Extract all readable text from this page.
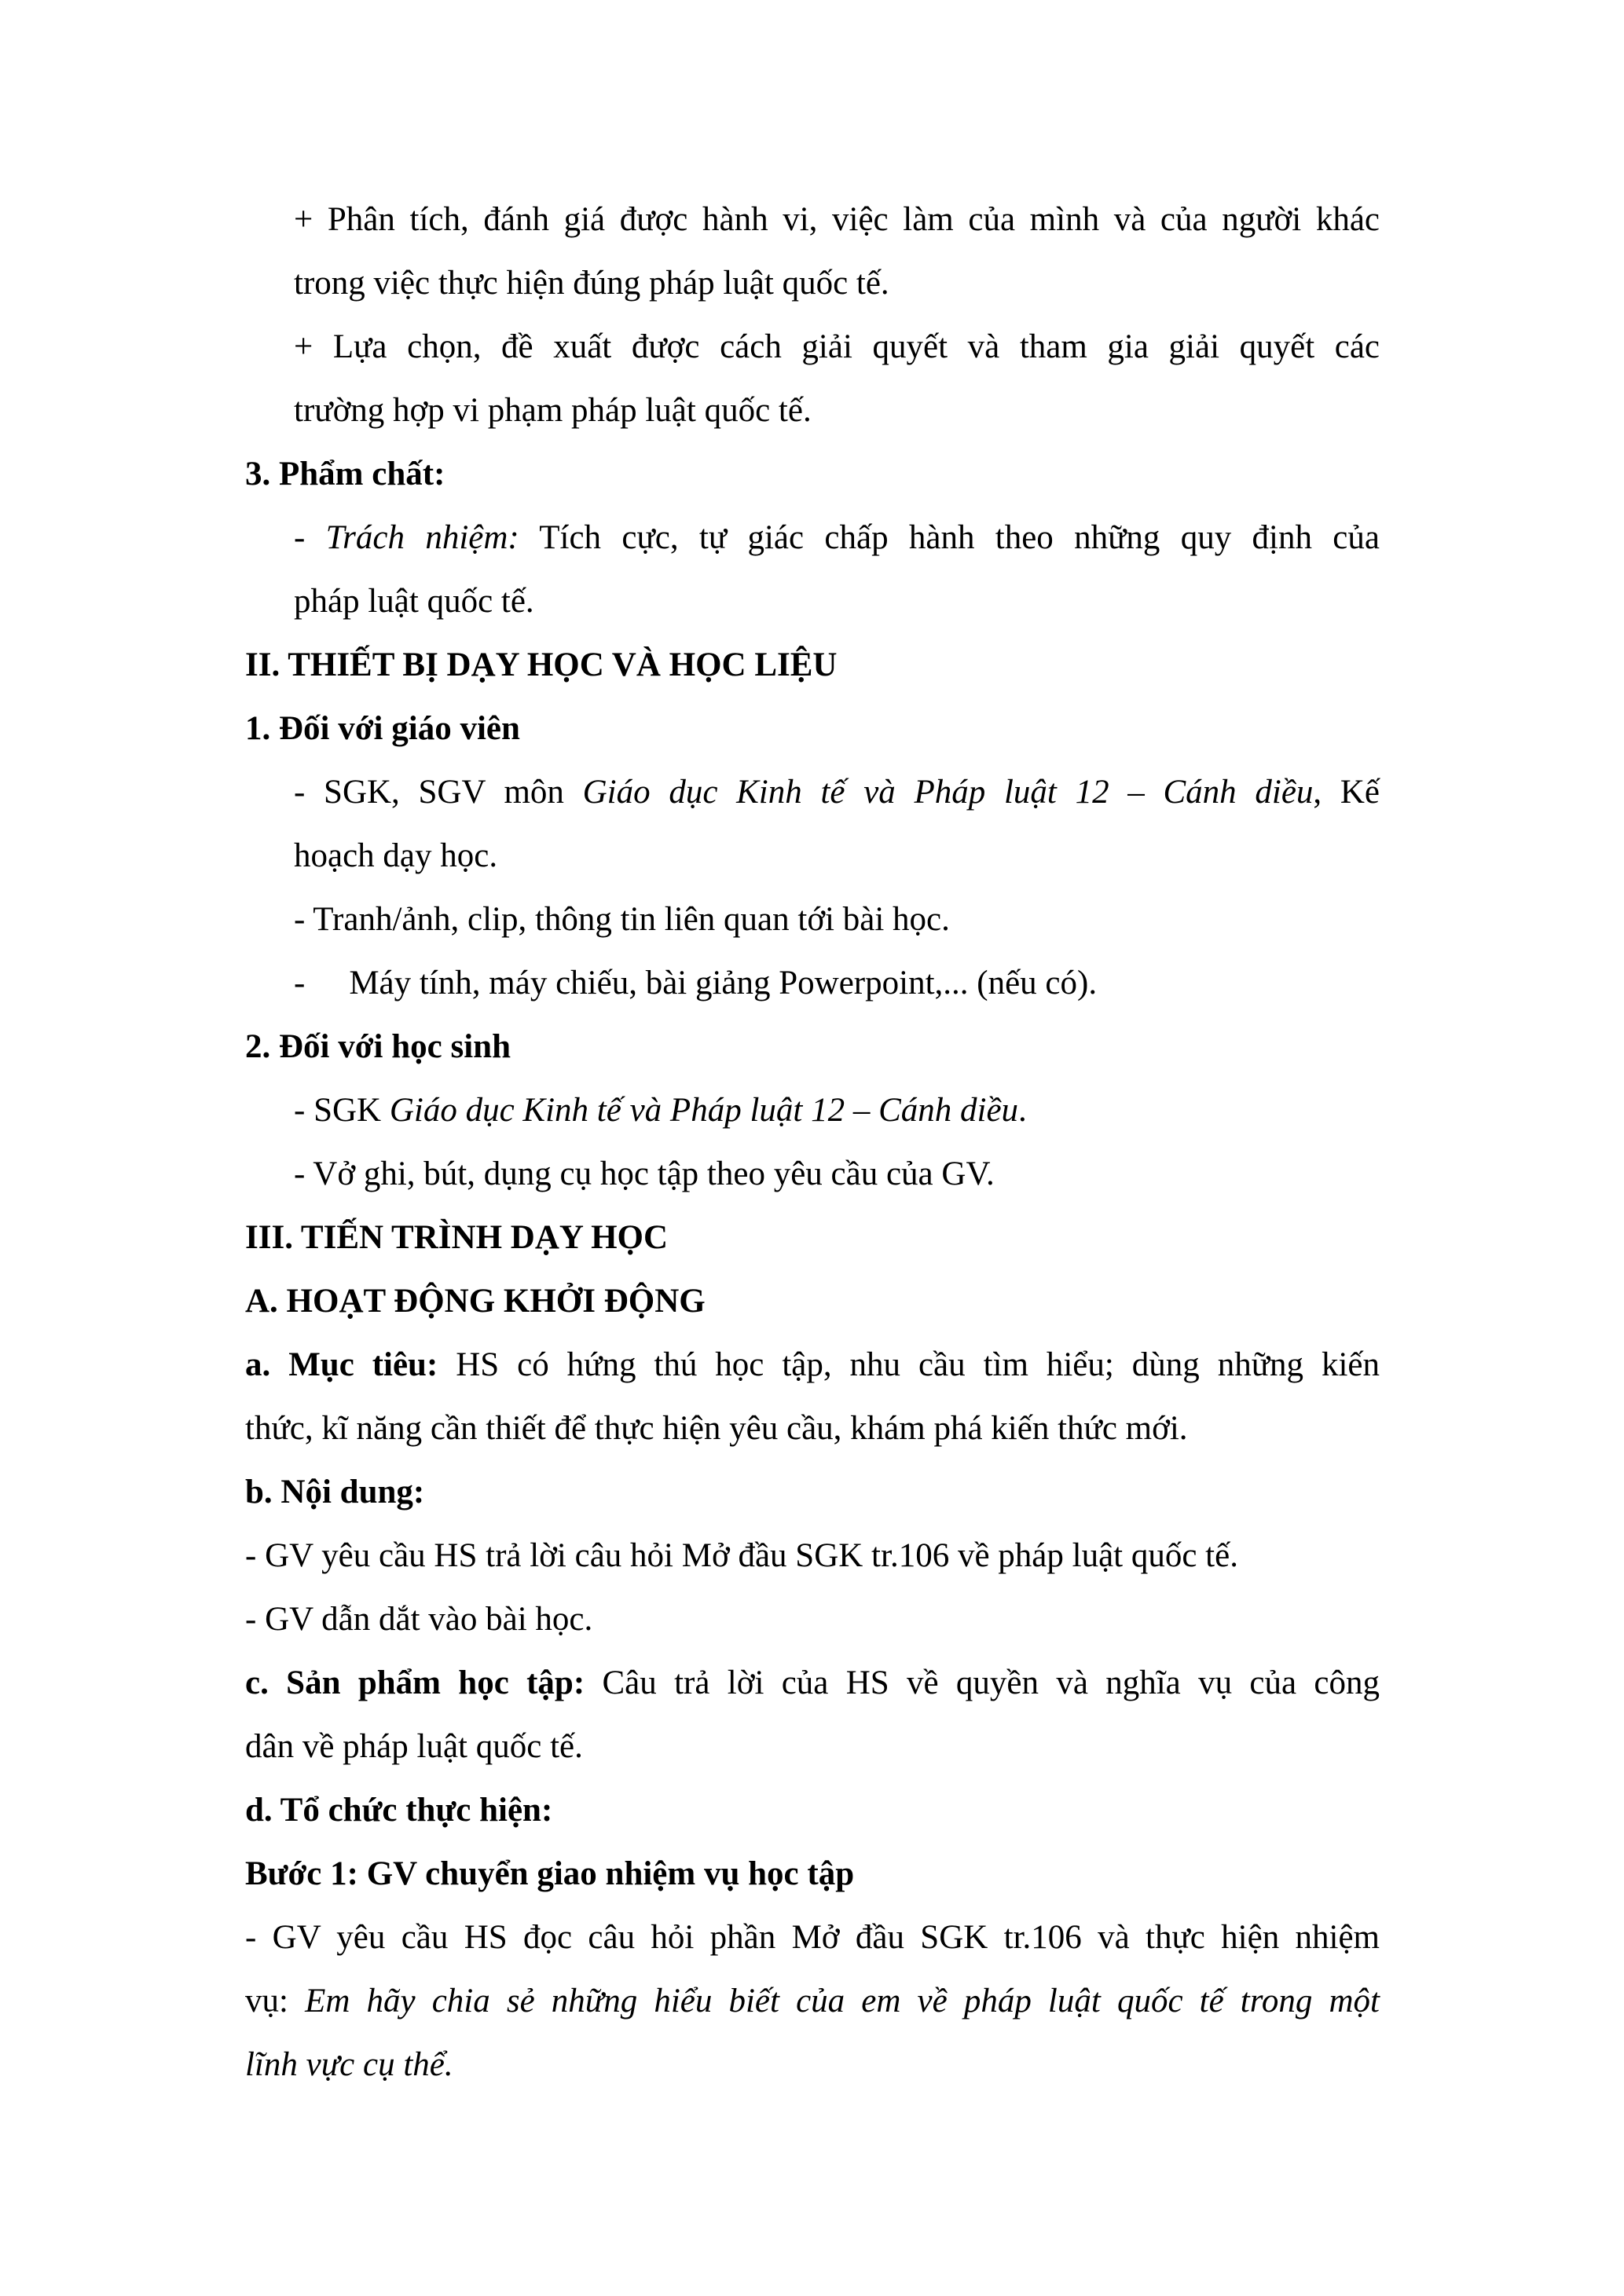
+ Phân tích, đánh giá được hành vi, việc làm của mình và của người khác

trong việc thực hiện đúng pháp luật quốc tế.

+ Lựa chọn, đề xuất được cách giải quyết và tham gia giải quyết các

trường hợp vi phạm pháp luật quốc tế.

3. Phẩm chất:

- Trách nhiệm: Tích cực, tự giác chấp hành theo những quy định của

pháp luật quốc tế.

II. THIẾT BỊ DẠY HỌC VÀ HỌC LIỆU

1. Đối với giáo viên

- SGK, SGV môn Giáo dục Kinh tế và Pháp luật 12 – Cánh diều, Kế

hoạch dạy học.

- Tranh/ảnh, clip, thông tin liên quan tới bài học.

- Máy tính, máy chiếu, bài giảng Powerpoint,... (nếu có).

2. Đối với học sinh

- SGK Giáo dục Kinh tế và Pháp luật 12 – Cánh diều.

- Vở ghi, bút, dụng cụ học tập theo yêu cầu của GV.

III. TIẾN TRÌNH DẠY HỌC

A. HOẠT ĐỘNG KHỞI ĐỘNG

a. Mục tiêu: HS có hứng thú học tập, nhu cầu tìm hiểu; dùng những kiến

thức, kĩ năng cần thiết để thực hiện yêu cầu, khám phá kiến thức mới.

b. Nội dung:

- GV yêu cầu HS trả lời câu hỏi Mở đầu SGK tr.106 về pháp luật quốc tế.

- GV dẫn dắt vào bài học.

c. Sản phẩm học tập: Câu trả lời của HS về quyền và nghĩa vụ của công

dân về pháp luật quốc tế.

d. Tổ chức thực hiện:

Bước 1: GV chuyển giao nhiệm vụ học tập

- GV yêu cầu HS đọc câu hỏi phần Mở đầu SGK tr.106 và thực hiện nhiệm

vụ: Em hãy chia sẻ những hiểu biết của em về pháp luật quốc tế trong một

lĩnh vực cụ thể.
